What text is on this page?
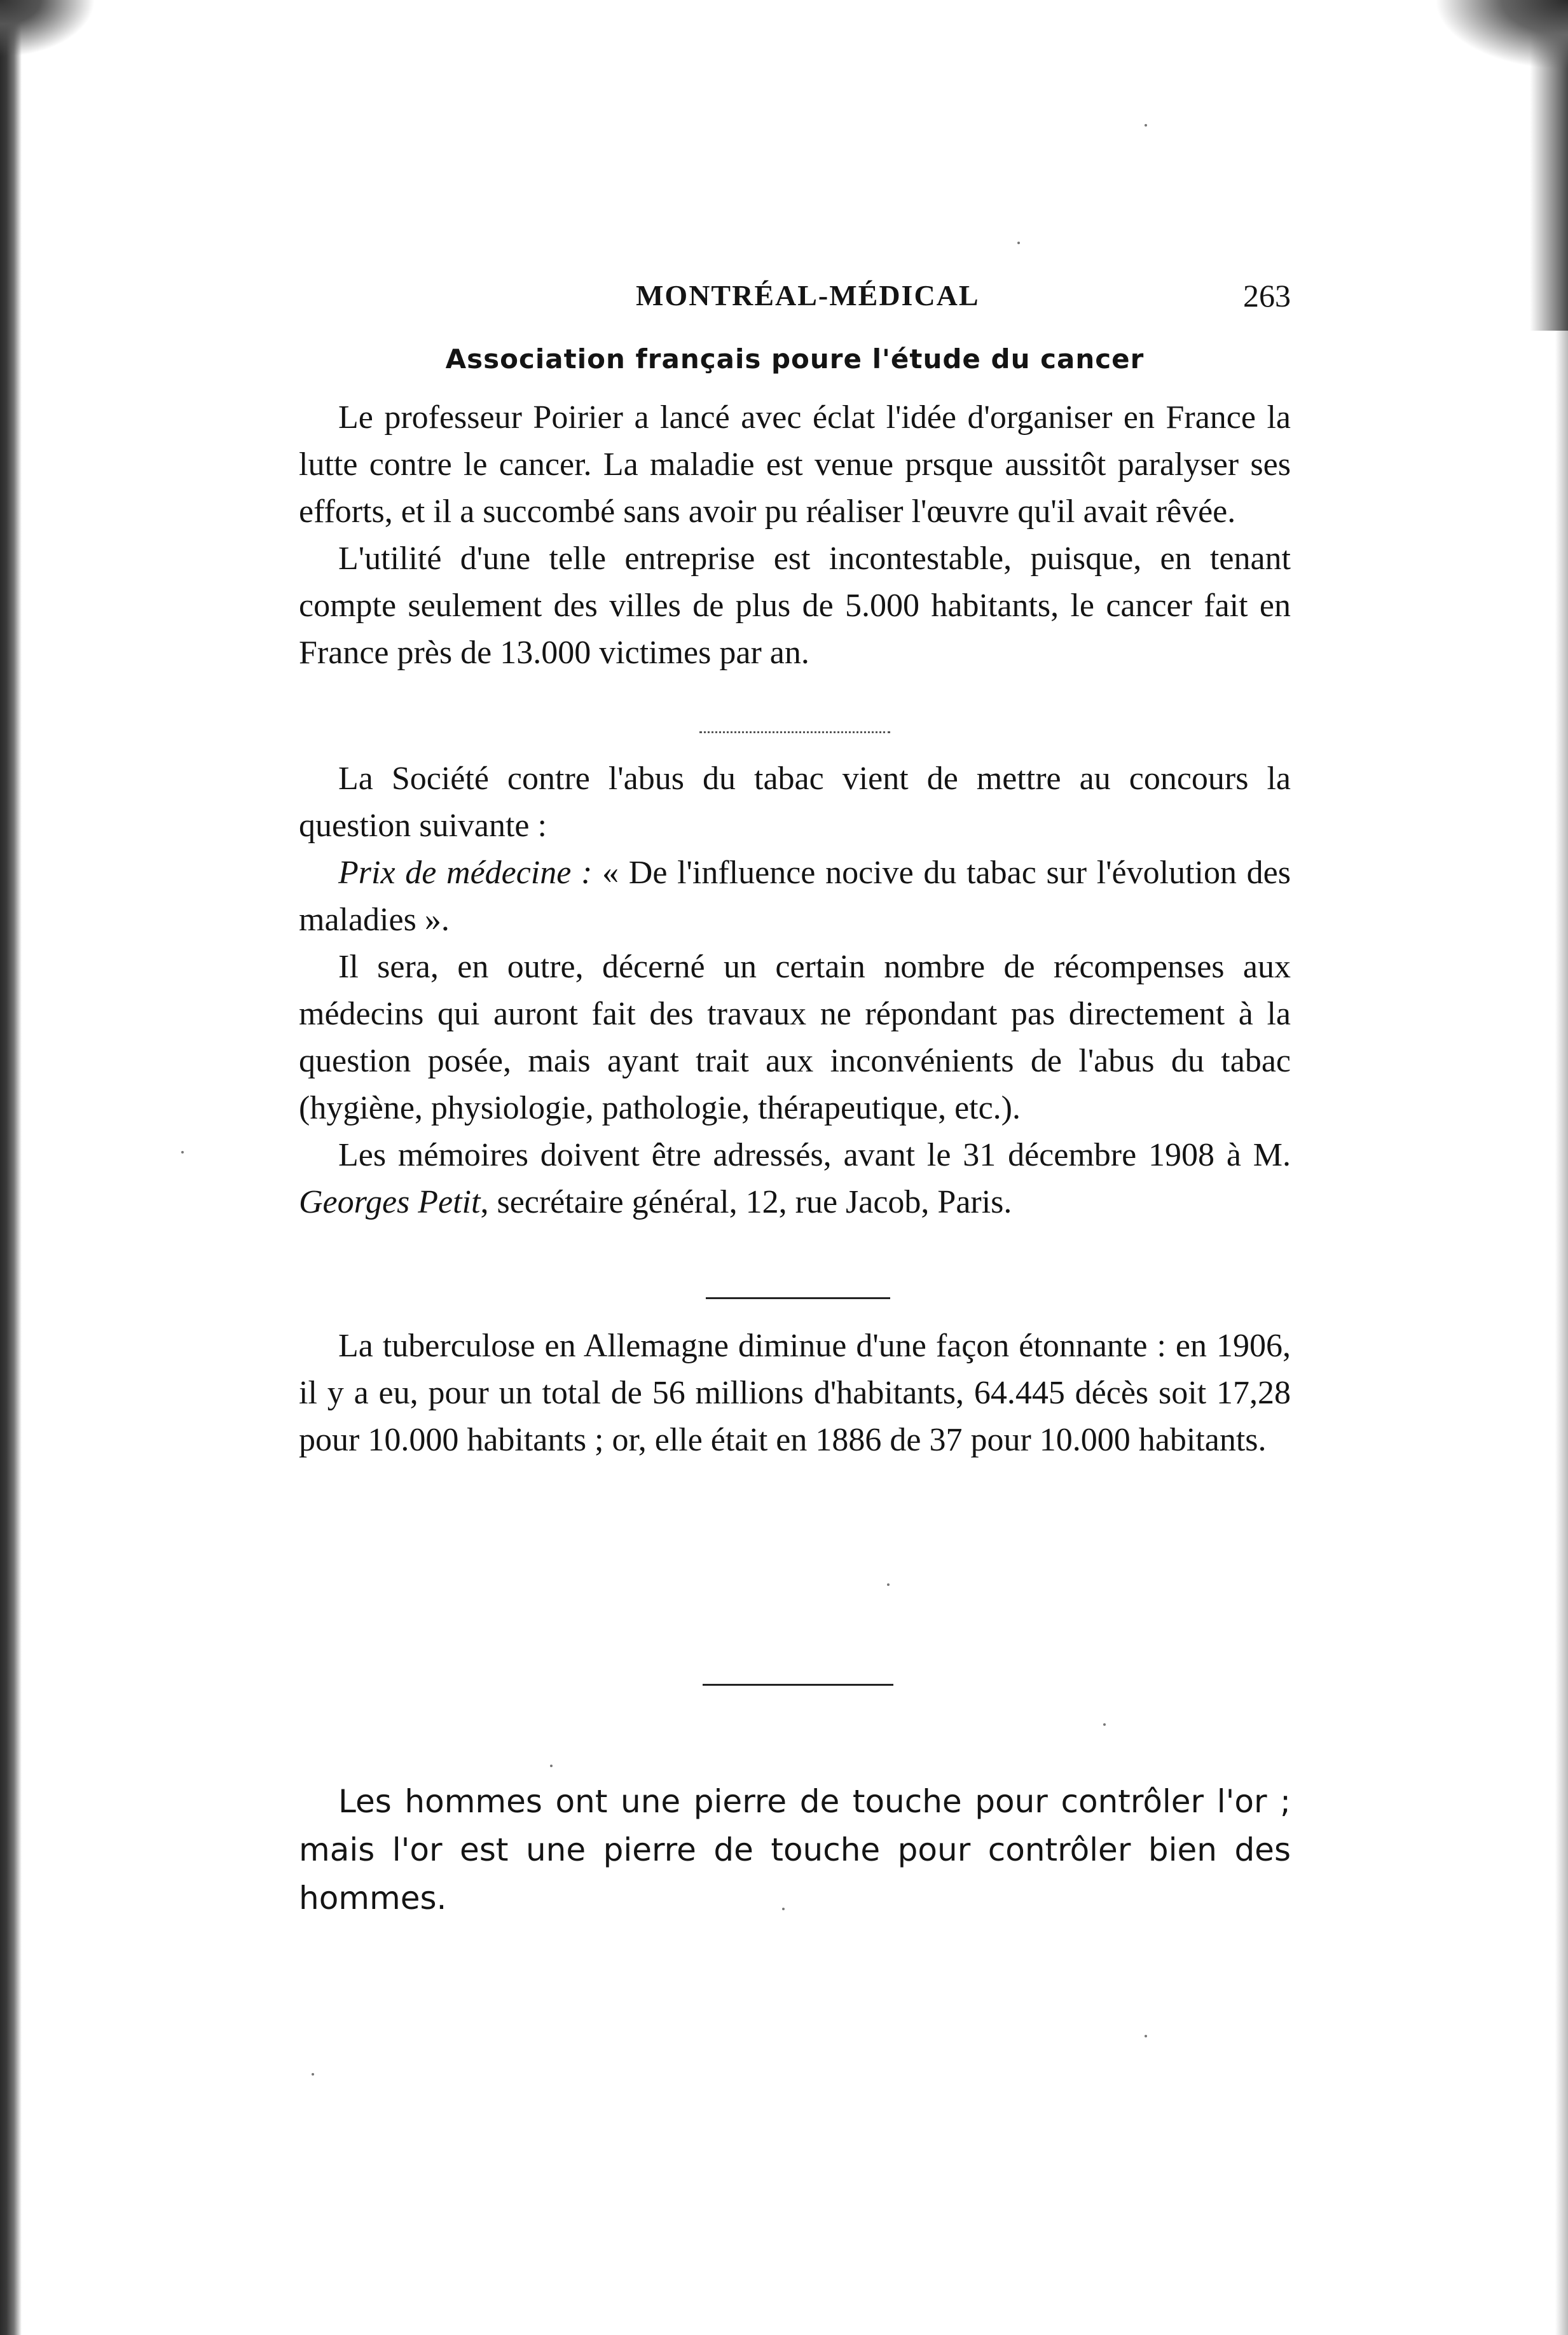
MONTRÉAL-MÉDICAL	263
Association français poure l'étude du cancer

Le professeur Poirier a lancé avec éclat l'idée d'organiser en France la lutte contre le cancer. La maladie est venue prsque aussitôt paralyser ses efforts, et il a succombé sans avoir pu réaliser l'œuvre qu'il avait rêvée.

L'utilité d'une telle entreprise est incontestable, puisque, en tenant compte seulement des villes de plus de 5.000 habitants, le cancer fait en France près de 13.000 victimes par an.

La Société contre l'abus du tabac vient de mettre au concours la question suivante :

Prix de médecine : « De l'influence nocive du tabac sur l'évolution des maladies ».

Il sera, en outre, décerné un certain nombre de récompenses aux médecins qui auront fait des travaux ne répondant pas directement à la question posée, mais ayant trait aux inconvénients de l'abus du tabac (hygiène, physiologie, pathologie, thérapeutique, etc.).

Les mémoires doivent être adressés, avant le 31 décembre 1908 à M. Georges Petit, secrétaire général, 12, rue Jacob, Paris.

La tuberculose en Allemagne diminue d'une façon étonnante : en 1906, il y a eu, pour un total de 56 millions d'habitants, 64.445 décès soit 17,28 pour 10.000 habitants ; or, elle était en 1886 de 37 pour 10.000 habitants.

Les hommes ont une pierre de touche pour contrôler l'or ; mais l'or est une pierre de touche pour contrôler bien des hommes.
